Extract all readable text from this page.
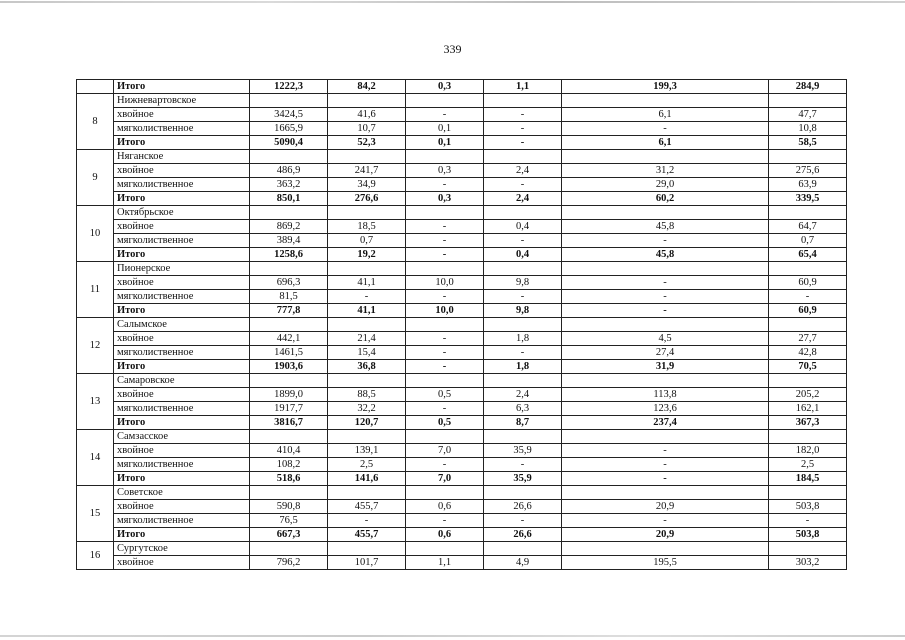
339
	Итого	1222,3	84,2	0,3	1,1	199,3	284,9
8	Нижневартовское						
	хвойное	3424,5	41,6	-	-	6,1	47,7
	мягколиственное	1665,9	10,7	0,1	-	-	10,8
	Итого	5090,4	52,3	0,1	-	6,1	58,5
9	Няганское						
	хвойное	486,9	241,7	0,3	2,4	31,2	275,6
	мягколиственное	363,2	34,9	-	-	29,0	63,9
	Итого	850,1	276,6	0,3	2,4	60,2	339,5
10	Октябрьское						
	хвойное	869,2	18,5	-	0,4	45,8	64,7
	мягколиственное	389,4	0,7	-	-	-	0,7
	Итого	1258,6	19,2	-	0,4	45,8	65,4
11	Пионерское						
	хвойное	696,3	41,1	10,0	9,8	-	60,9
	мягколиственное	81,5	-	-	-	-	-
	Итого	777,8	41,1	10,0	9,8	-	60,9
12	Салымское						
	хвойное	442,1	21,4	-	1,8	4,5	27,7
	мягколиственное	1461,5	15,4	-	-	27,4	42,8
	Итого	1903,6	36,8	-	1,8	31,9	70,5
13	Самаровское						
	хвойное	1899,0	88,5	0,5	2,4	113,8	205,2
	мягколиственное	1917,7	32,2	-	6,3	123,6	162,1
	Итого	3816,7	120,7	0,5	8,7	237,4	367,3
14	Самзасское						
	хвойное	410,4	139,1	7,0	35,9	-	182,0
	мягколиственное	108,2	2,5	-	-	-	2,5
	Итого	518,6	141,6	7,0	35,9	-	184,5
15	Советское						
	хвойное	590,8	455,7	0,6	26,6	20,9	503,8
	мягколиственное	76,5	-	-	-	-	-
	Итого	667,3	455,7	0,6	26,6	20,9	503,8
16	Сургутское						
	хвойное	796,2	101,7	1,1	4,9	195,5	303,2
